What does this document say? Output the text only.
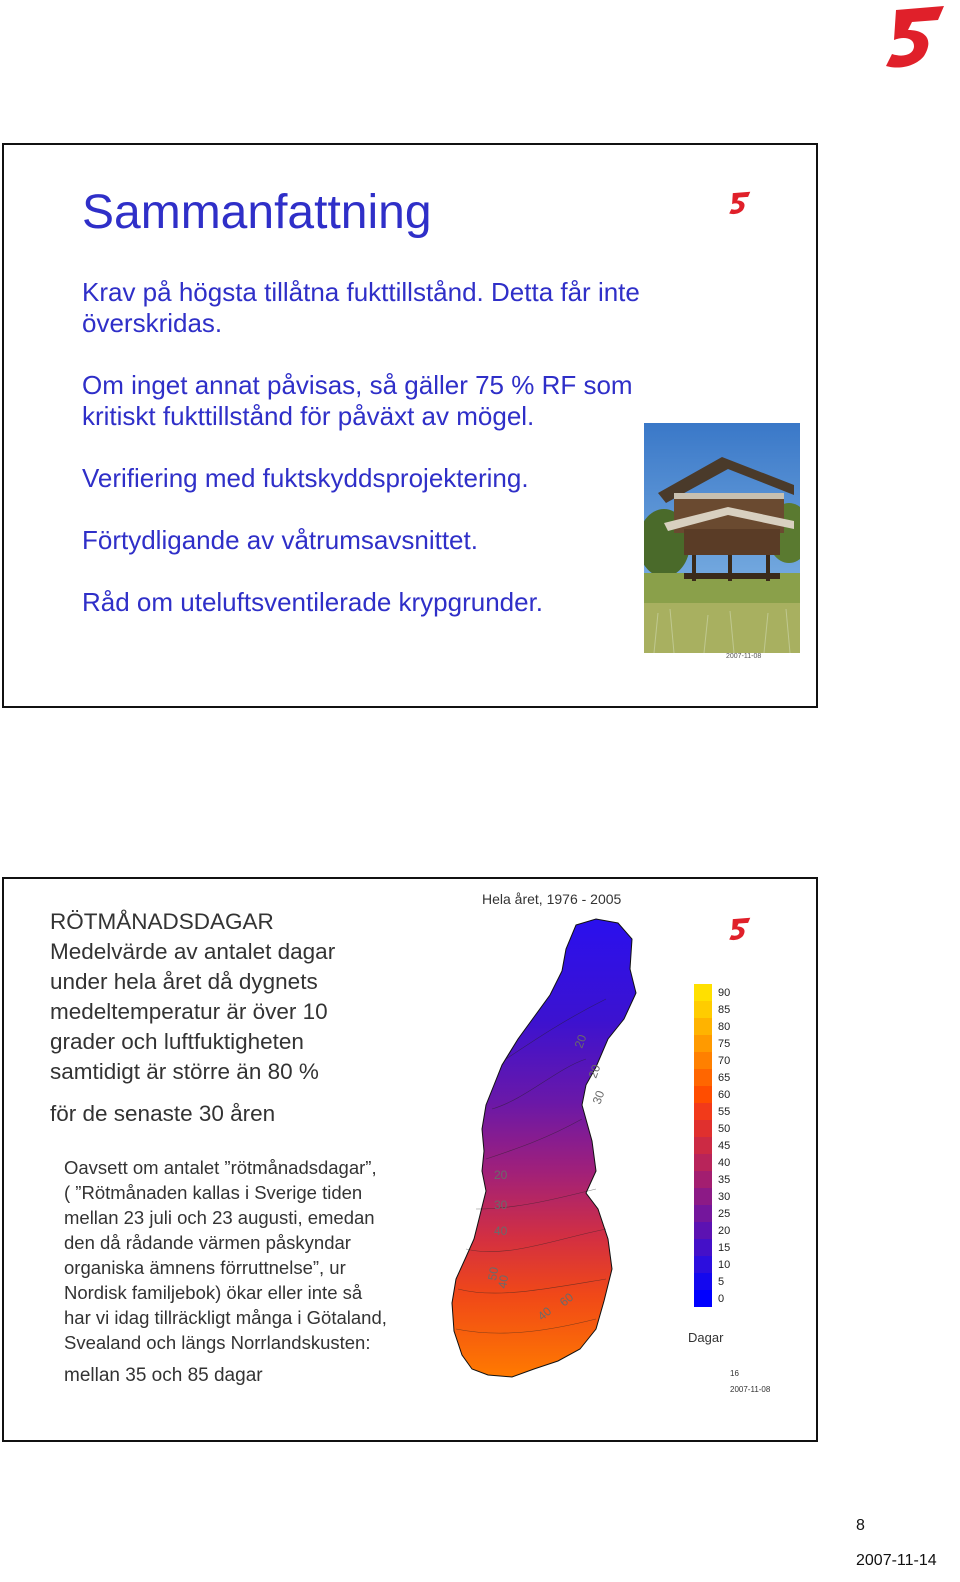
Sammanfattning

Krav på högsta tillåtna fukttillstånd. Detta får inte överskridas.

Om inget annat påvisas, så gäller 75 % RF som kritiskt fukttillstånd för påväxt av mögel.

Verifiering med fuktskyddsprojektering.

Förtydligande av våtrumsavsnittet.

Råd om uteluftsventilerade krypgrunder.

2007-11-08
RÖTMÅNADSDAGAR
Medelvärde av antalet dagar
under hela året då dygnets
medeltemperatur är över 10
grader och luftfuktigheten
samtidigt är större än 80 %
för de senaste 30 åren
Oavsett om antalet ”rötmånadsdagar”,
( ”Rötmånaden kallas i Sverige tiden
mellan 23 juli och 23 augusti, emedan
den då rådande värmen påskyndar
organiska ämnens förruttnelse”, ur
Nordisk familjebok) ökar eller inte så
har vi idag tillräckligt många i Götaland,
Svealand och längs Norrlandskusten:
mellan 35 och 85 dagar
Hela året, 1976 - 2005
20
20
30
40
20
30
40
50
40
60
90
85
80
75
70
65
60
55
50
45
40
35
30
25
20
15
10
5
0
Dagar
16
2007-11-08
8
2007-11-14
